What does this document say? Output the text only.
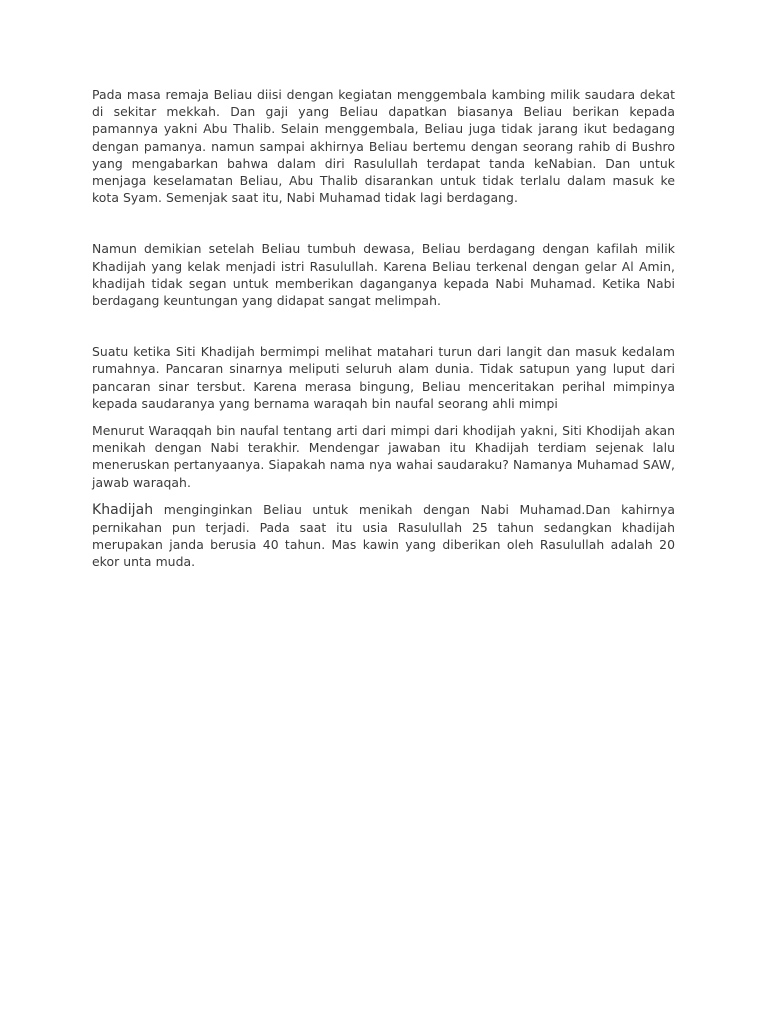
Pada masa remaja Beliau diisi dengan kegiatan menggembala kambing milik saudara dekat di sekitar mekkah. Dan gaji yang Beliau dapatkan biasanya Beliau berikan kepada pamannya yakni Abu Thalib. Selain menggembala, Beliau juga tidak jarang ikut bedagang dengan pamanya. namun sampai akhirnya Beliau bertemu dengan seorang rahib di Bushro yang mengabarkan bahwa dalam diri Rasulullah terdapat tanda keNabian. Dan untuk menjaga keselamatan Beliau, Abu Thalib disarankan untuk tidak terlalu dalam masuk ke kota Syam. Semenjak saat itu, Nabi Muhamad tidak lagi berdagang.

Namun demikian setelah Beliau tumbuh dewasa, Beliau berdagang dengan kafilah milik Khadijah yang kelak menjadi istri Rasulullah. Karena Beliau terkenal dengan gelar Al Amin, khadijah tidak segan untuk memberikan daganganya kepada Nabi Muhamad. Ketika Nabi berdagang keuntungan yang didapat sangat melimpah.

Suatu ketika Siti Khadijah bermimpi melihat matahari turun dari langit dan masuk kedalam rumahnya. Pancaran sinarnya meliputi seluruh alam dunia. Tidak satupun yang luput dari pancaran sinar tersbut. Karena merasa bingung, Beliau menceritakan perihal mimpinya kepada saudaranya yang bernama waraqah bin naufal seorang ahli mimpi

Menurut Waraqqah bin naufal tentang arti dari mimpi dari khodijah yakni, Siti Khodijah akan menikah dengan Nabi terakhir. Mendengar jawaban itu Khadijah terdiam sejenak lalu meneruskan pertanyaanya. Siapakah nama nya wahai saudaraku? Namanya Muhamad SAW, jawab waraqah.

Khadijah menginginkan Beliau untuk menikah dengan Nabi Muhamad.Dan kahirnya pernikahan pun terjadi. Pada saat itu usia Rasulullah 25 tahun sedangkan khadijah merupakan janda berusia 40 tahun. Mas kawin yang diberikan oleh Rasulullah adalah 20 ekor unta muda.
